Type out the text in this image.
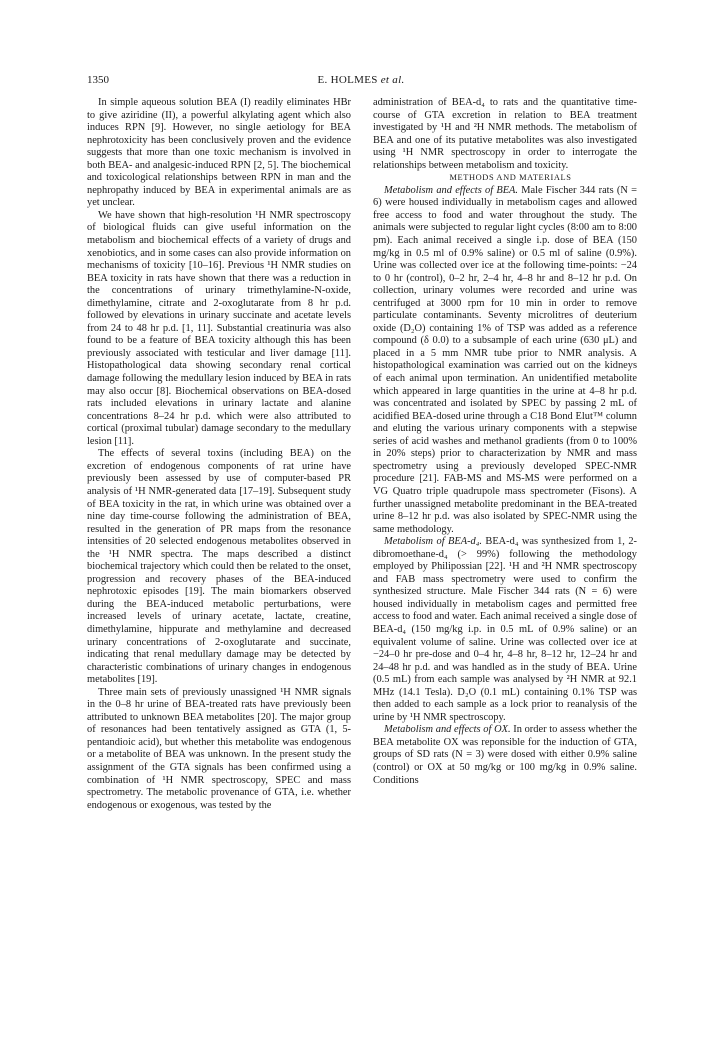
1350	E. HOLMES et al.

In simple aqueous solution BEA (I) readily eliminates HBr to give aziridine (II), a powerful alkylating agent which also induces RPN [9]. However, no single aetiology for BEA nephrotoxicity has been conclusively proven and the evidence suggests that more than one toxic mechanism is involved in both BEA- and analgesic-induced RPN [2, 5]. The biochemical and toxicological relationships between RPN in man and the nephropathy induced by BEA in experimental animals are as yet unclear.

We have shown that high-resolution ¹H NMR spectroscopy of biological fluids can give useful information on the metabolism and biochemical effects of a variety of drugs and xenobiotics, and in some cases can also provide information on mechanisms of toxicity [10–16]. Previous ¹H NMR studies on BEA toxicity in rats have shown that there was a reduction in the concentrations of urinary trimethylamine-N-oxide, dimethylamine, citrate and 2-oxoglutarate from 8 hr p.d. followed by elevations in urinary succinate and acetate levels from 24 to 48 hr p.d. [1, 11]. Substantial creatinuria was also found to be a feature of BEA toxicity although this has been previously associated with testicular and liver damage [11]. Histopathological data showing secondary renal cortical damage following the medullary lesion induced by BEA in rats may also occur [8]. Biochemical observations on BEA-dosed rats included elevations in urinary lactate and alanine concentrations 8–24 hr p.d. which were also attributed to cortical (proximal tubular) damage secondary to the medullary lesion [11].

The effects of several toxins (including BEA) on the excretion of endogenous components of rat urine have previously been assessed by use of computer-based PR analysis of ¹H NMR-generated data [17–19]. Subsequent study of BEA toxicity in the rat, in which urine was obtained over a nine day time-course following the administration of BEA, resulted in the generation of PR maps from the resonance intensities of 20 selected endogenous metabolites observed in the ¹H NMR spectra. The maps described a distinct biochemical trajectory which could then be related to the onset, progression and recovery phases of the BEA-induced nephrotoxic episodes [19]. The main biomarkers observed during the BEA-induced metabolic perturbations, were increased levels of urinary acetate, lactate, creatine, dimethylamine, hippurate and methylamine and decreased urinary concentrations of 2-oxoglutarate and succinate, indicating that renal medullary damage may be detected by characteristic combinations of urinary changes in endogenous metabolites [19].

Three main sets of previously unassigned ¹H NMR signals in the 0–8 hr urine of BEA-treated rats have previously been attributed to unknown BEA metabolites [20]. The major group of resonances had been tentatively assigned as GTA (1, 5-pentandioic acid), but whether this metabolite was endogenous or a metabolite of BEA was unknown. In the present study the assignment of the GTA signals has been confirmed using a combination of ¹H NMR spectroscopy, SPEC and mass spectrometry. The metabolic provenance of GTA, i.e. whether endogenous or exogenous, was tested by the

administration of BEA-d₄ to rats and the quantitative time-course of GTA excretion in relation to BEA treatment investigated by ¹H and ²H NMR methods. The metabolism of BEA and one of its putative metabolites was also investigated using ¹H NMR spectroscopy in order to interrogate the relationships between metabolism and toxicity.

METHODS AND MATERIALS

Metabolism and effects of BEA. Male Fischer 344 rats (N = 6) were housed individually in metabolism cages and allowed free access to food and water throughout the study. The animals were subjected to regular light cycles (8:00 am to 8:00 pm). Each animal received a single i.p. dose of BEA (150 mg/kg in 0.5 ml of 0.9% saline) or 0.5 ml of saline (0.9%). Urine was collected over ice at the following time-points: −24 to 0 hr (control), 0–2 hr, 2–4 hr, 4–8 hr and 8–12 hr p.d. On collection, urinary volumes were recorded and urine was centrifuged at 3000 rpm for 10 min in order to remove particulate contaminants. Seventy microlitres of deuterium oxide (D₂O) containing 1% of TSP was added as a reference compound (δ 0.0) to a subsample of each urine (630 μL) and placed in a 5 mm NMR tube prior to NMR analysis. A histopathological examination was carried out on the kidneys of each animal upon termination. An unidentified metabolite which appeared in large quantities in the urine at 4–8 hr p.d. was concentrated and isolated by SPEC by passing 2 mL of acidified BEA-dosed urine through a C18 Bond Elut™ column and eluting the various urinary components with a stepwise series of acid washes and methanol gradients (from 0 to 100% in 20% steps) prior to characterization by NMR and mass spectrometry using a previously developed SPEC-NMR procedure [21]. FAB-MS and MS-MS were performed on a VG Quatro triple quadrupole mass spectrometer (Fisons). A further unassigned metabolite predominant in the BEA-treated urine 8–12 hr p.d. was also isolated by SPEC-NMR using the same methodology.

Metabolism of BEA-d₄. BEA-d₄ was synthesized from 1, 2-dibromoethane-d₄ (> 99%) following the methodology employed by Philipossian [22]. ¹H and ²H NMR spectroscopy and FAB mass spectrometry were used to confirm the synthesized structure. Male Fischer 344 rats (N = 6) were housed individually in metabolism cages and permitted free access to food and water. Each animal received a single dose of BEA-d₄ (150 mg/kg i.p. in 0.5 mL of 0.9% saline) or an equivalent volume of saline. Urine was collected over ice at −24–0 hr pre-dose and 0–4 hr, 4–8 hr, 8–12 hr, 12–24 hr and 24–48 hr p.d. and was handled as in the study of BEA. Urine (0.5 mL) from each sample was analysed by ²H NMR at 92.1 MHz (14.1 Tesla). D₂O (0.1 mL) containing 0.1% TSP was then added to each sample as a lock prior to reanalysis of the urine by ¹H NMR spectroscopy.

Metabolism and effects of OX. In order to assess whether the BEA metabolite OX was reponsible for the induction of GTA, groups of SD rats (N = 3) were dosed with either 0.9% saline (control) or OX at 50 mg/kg or 100 mg/kg in 0.9% saline. Conditions
